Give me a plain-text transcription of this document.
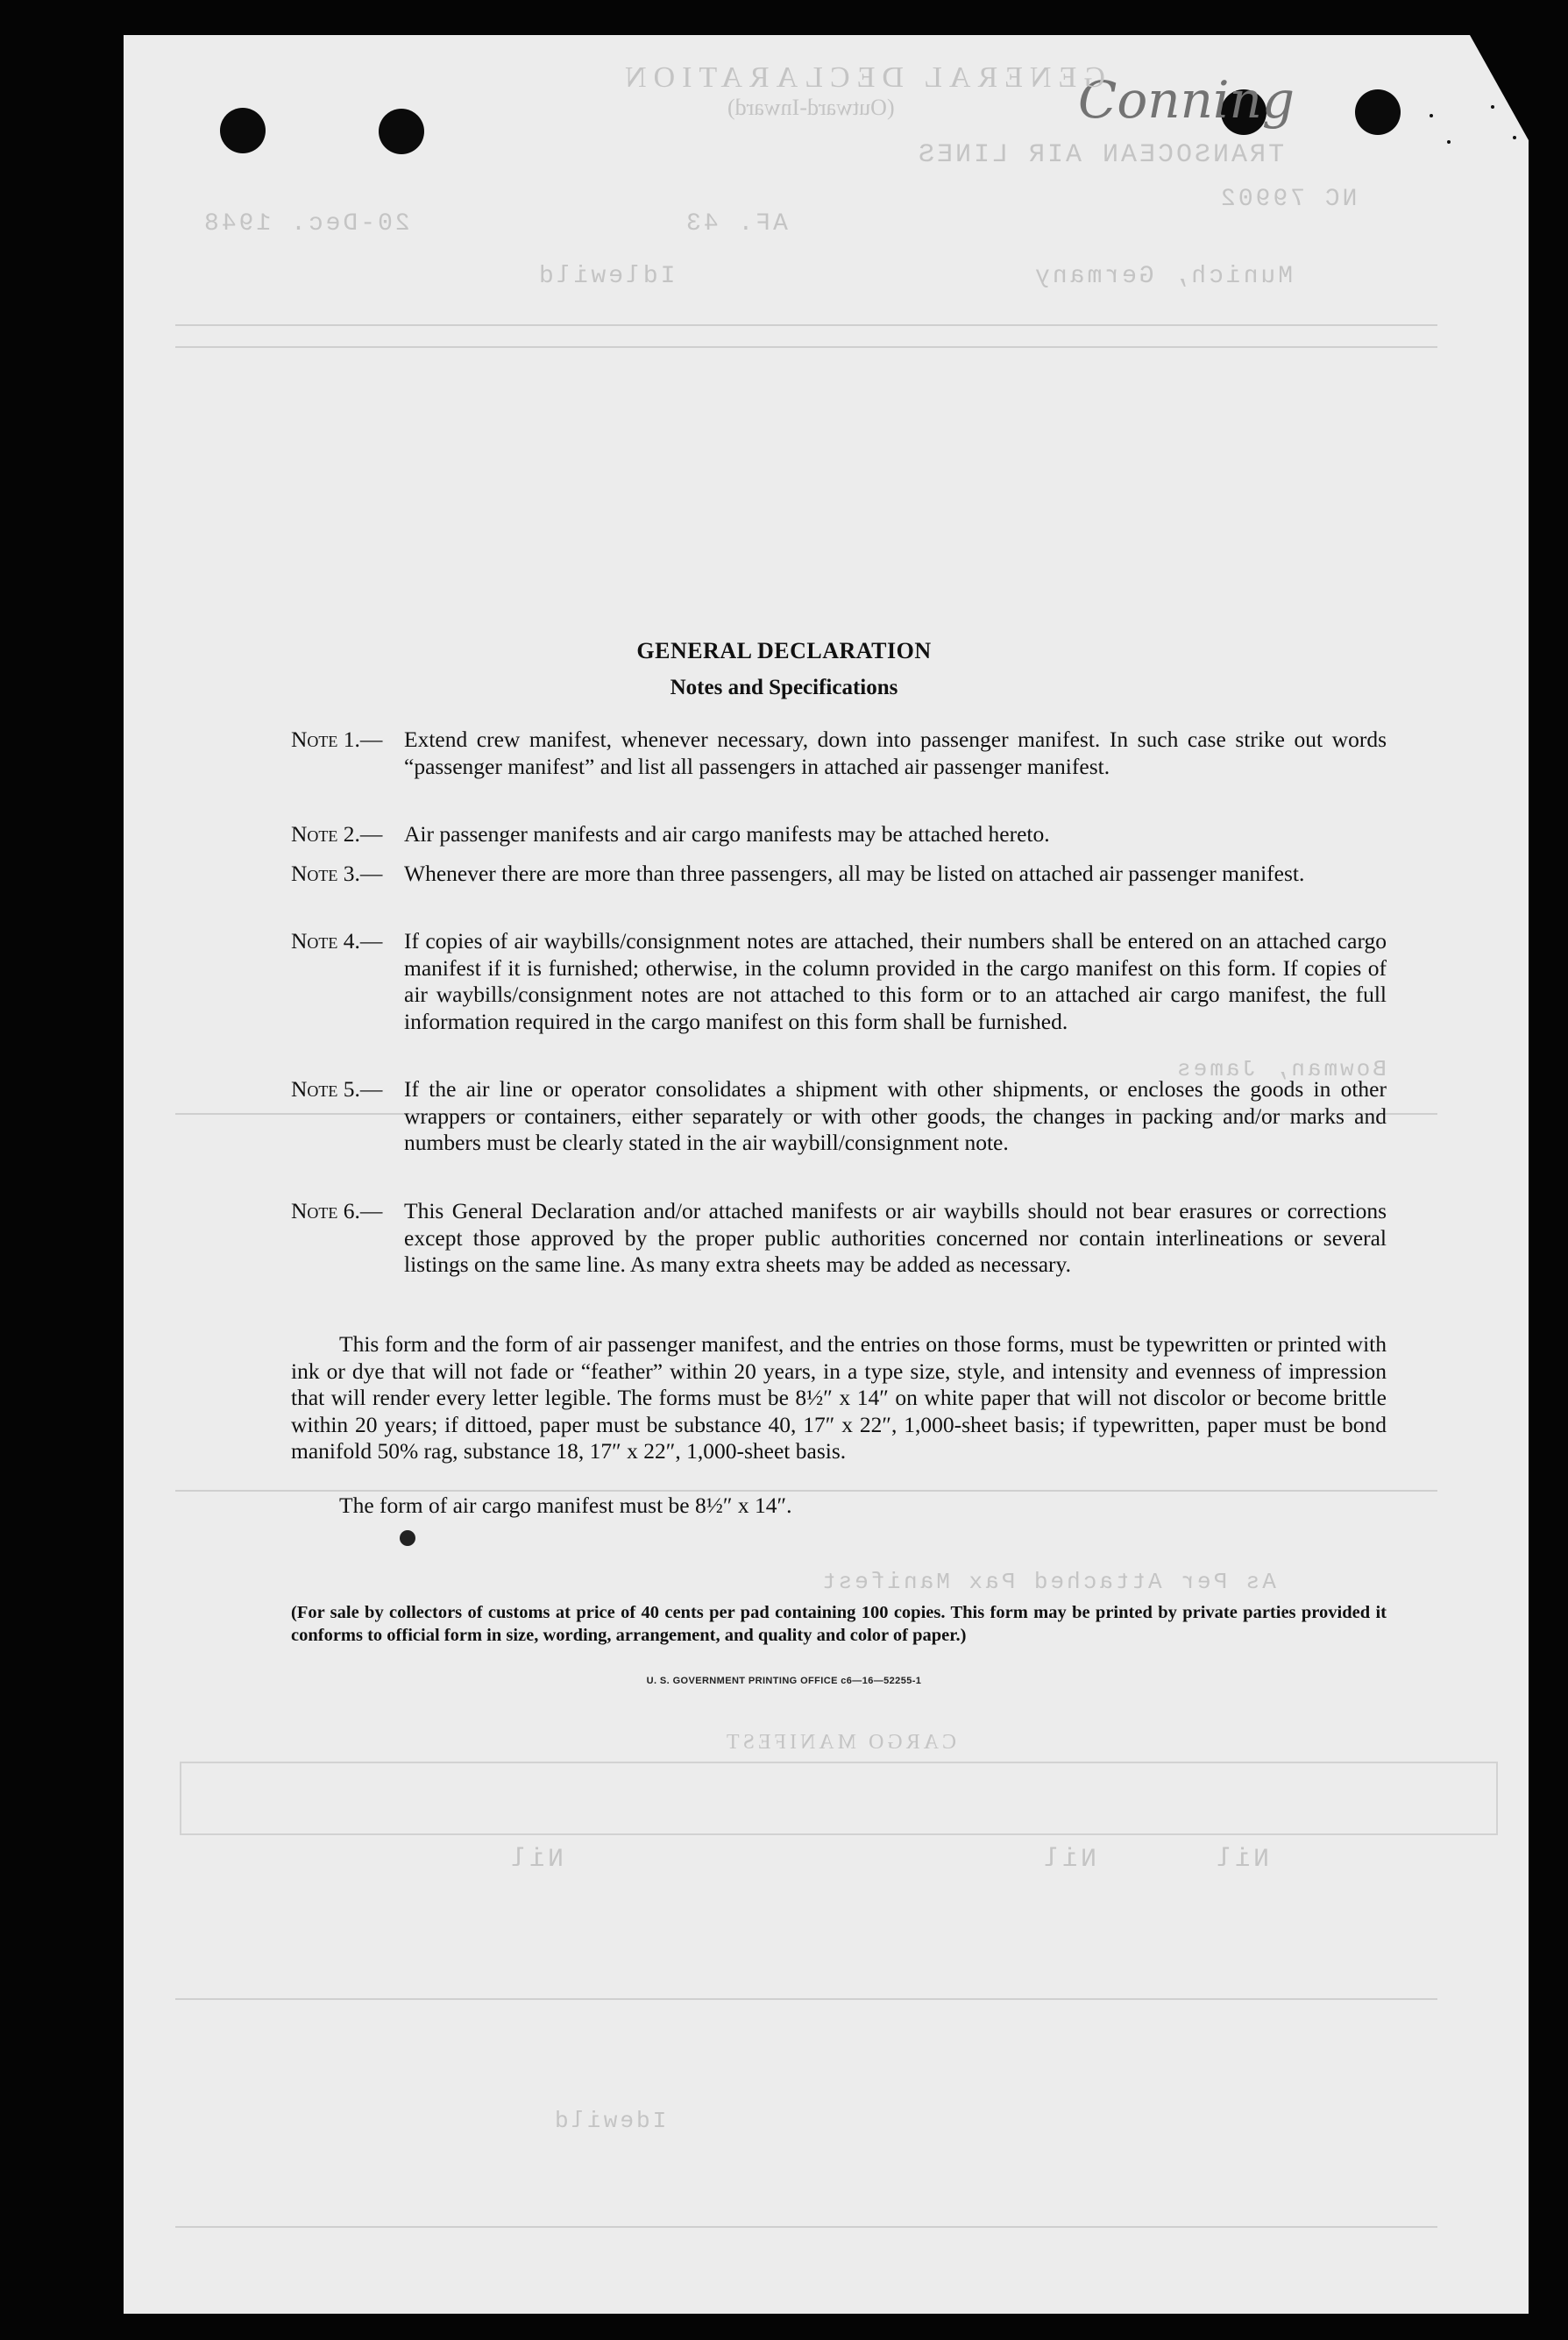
Conning
GENERAL DECLARATION
(Outward-Inward)
TRANSOCEAN AIR LINES
NC 79902
AF. 43
20-Dec. 1948
Munich, Germany
Idlewild
Bowman, James
As Per Attached Pax Manifest
CARGO MANIFEST
Nil
Nil
Nil
Idewild
GENERAL DECLARATION
Notes and Specifications
Note 1.— Extend crew manifest, whenever necessary, down into passenger manifest. In such case strike out words “passenger manifest” and list all passengers in attached air passenger manifest.
Note 2.— Air passenger manifests and air cargo manifests may be attached hereto.
Note 3.— Whenever there are more than three passengers, all may be listed on attached air passenger manifest.
Note 4.— If copies of air waybills/consignment notes are attached, their numbers shall be entered on an attached cargo manifest if it is furnished; otherwise, in the column provided in the cargo manifest on this form. If copies of air waybills/consignment notes are not attached to this form or to an attached air cargo manifest, the full information required in the cargo manifest on this form shall be furnished.
Note 5.— If the air line or operator consolidates a shipment with other shipments, or encloses the goods in other wrappers or containers, either separately or with other goods, the changes in packing and/or marks and numbers must be clearly stated in the air waybill/consignment note.
Note 6.— This General Declaration and/or attached manifests or air waybills should not bear erasures or corrections except those approved by the proper public authorities concerned nor contain interlineations or several listings on the same line. As many extra sheets may be added as necessary.
This form and the form of air passenger manifest, and the entries on those forms, must be typewritten or printed with ink or dye that will not fade or “feather” within 20 years, in a type size, style, and intensity and evenness of impression that will render every letter legible. The forms must be 8½″ x 14″ on white paper that will not discolor or become brittle within 20 years; if dittoed, paper must be substance 40, 17″ x 22″, 1,000-sheet basis; if typewritten, paper must be bond manifold 50% rag, substance 18, 17″ x 22″, 1,000-sheet basis.
The form of air cargo manifest must be 8½″ x 14″.
(For sale by collectors of customs at price of 40 cents per pad containing 100 copies. This form may be printed by private parties provided it conforms to official form in size, wording, arrangement, and quality and color of paper.)
U. S. GOVERNMENT PRINTING OFFICE c6—16—52255-1
